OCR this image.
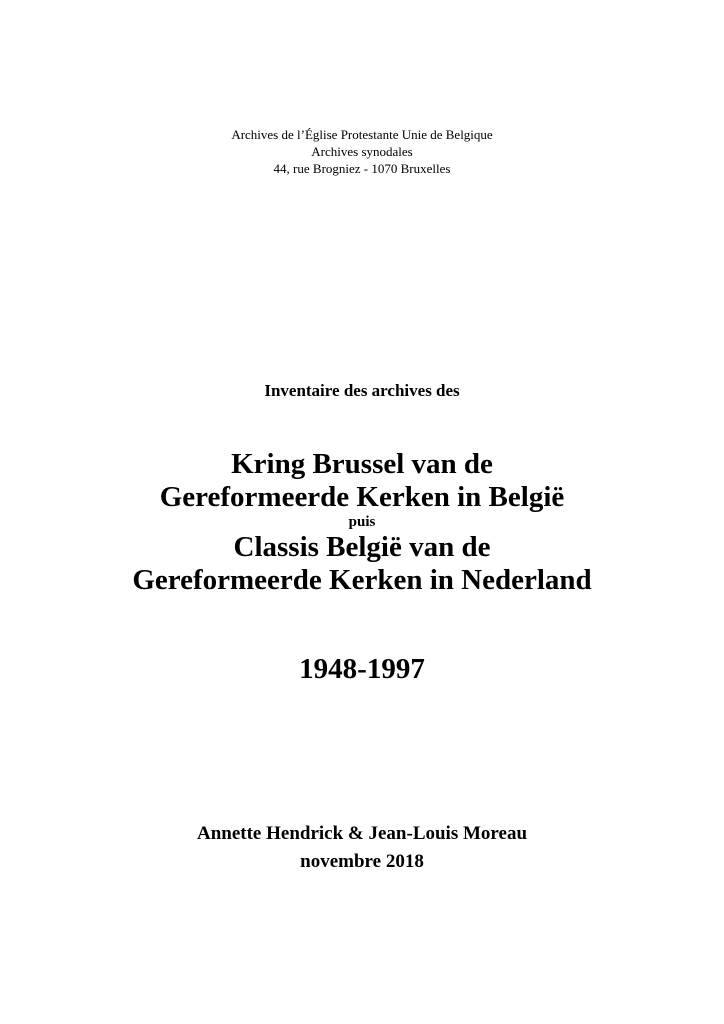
Archives de l’Église Protestante Unie de Belgique
Archives synodales
44, rue Brogniez - 1070 Bruxelles
Inventaire des archives des
Kring Brussel van de
Gereformeerde Kerken in België
puis
Classis België van de
Gereformeerde Kerken in Nederland
1948-1997
Annette Hendrick & Jean-Louis Moreau
novembre 2018
